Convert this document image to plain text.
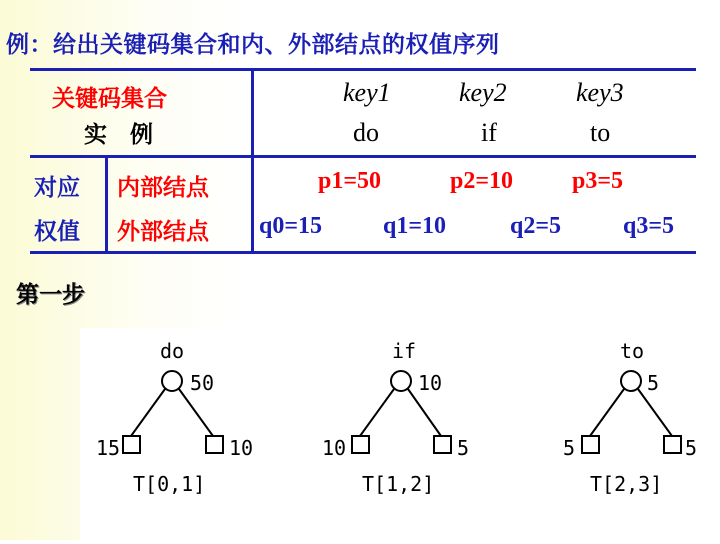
例：给出关键码集合和内、外部结点的权值序列
关键码集合	key1	key2	key3
实　例	do	if	to
对应 内部结点	p1=50	p2=10 p3=5
权值 外部结点 q0=15	q1=10	q2=5	q3=5
第一步
do
50
15	10
T[0,1]
if
10
10	5
T[1,2]
to
5
5	5
T[2,3]
